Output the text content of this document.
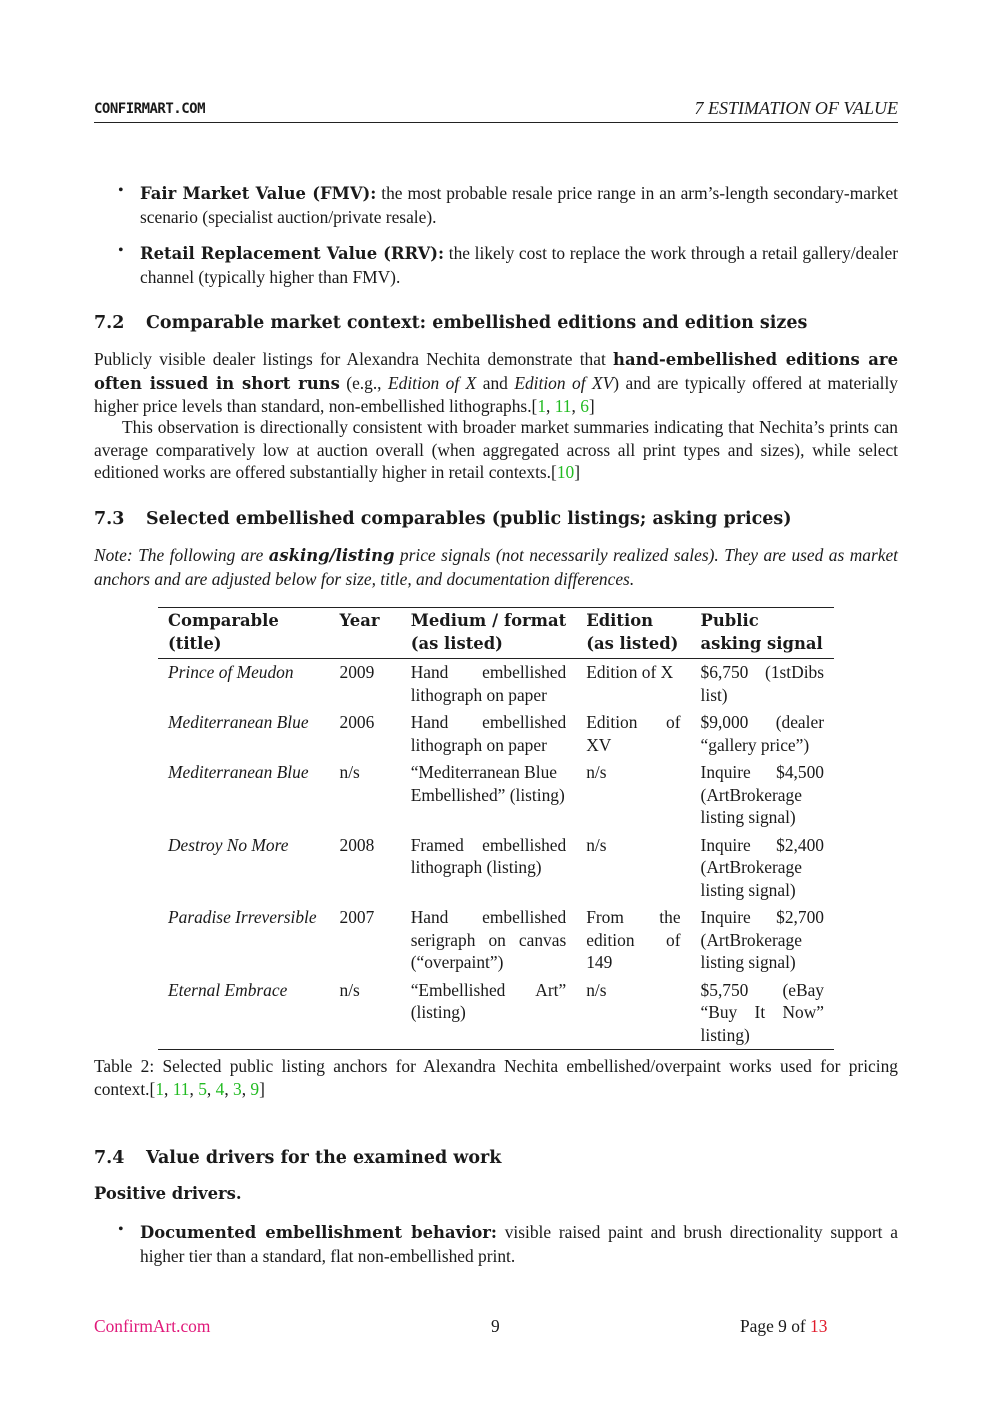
CONFIRMART.COM	7 ESTIMATION OF VALUE
• Fair Market Value (FMV): the most probable resale price range in an arm’s-length secondary-market scenario (specialist auction/private resale).
• Retail Replacement Value (RRV): the likely cost to replace the work through a retail gallery/dealer channel (typically higher than FMV).
7.2 Comparable market context: embellished editions and edition sizes
Publicly visible dealer listings for Alexandra Nechita demonstrate that hand-embellished editions are often issued in short runs (e.g., Edition of X and Edition of XV) and are typically offered at materially higher price levels than standard, non-embellished lithographs.[1, 11, 6]
This observation is directionally consistent with broader market summaries indicating that Nechita’s prints can average comparatively low at auction overall (when aggregated across all print types and sizes), while select editioned works are offered substantially higher in retail contexts.[10]
7.3 Selected embellished comparables (public listings; asking prices)
Note: The following are asking/listing price signals (not necessarily realized sales). They are used as market anchors and are adjusted below for size, title, and documentation differences.
Comparable (title)	Year	Medium / format (as listed)	Edition (as listed)	Public asking signal
Prince of Meudon	2009	Hand embellished lithograph on paper	Edition of X	$6,750 (1stDibs list)
Mediterranean Blue	2006	Hand embellished lithograph on paper	Edition of XV	$9,000 (dealer “gallery price”)
Mediterranean Blue	n/s	“Mediterranean Blue Embellished” (listing)	n/s	Inquire $4,500 (ArtBrokerage listing signal)
Destroy No More	2008	Framed embellished lithograph (listing)	n/s	Inquire $2,400 (ArtBrokerage listing signal)
Paradise Irreversible	2007	Hand embellished serigraph on canvas (“overpaint”)	From the edition of 149	Inquire $2,700 (ArtBrokerage listing signal)
Eternal Embrace	n/s	“Embellished Art” (listing)	n/s	$5,750 (eBay “Buy It Now” listing)
Table 2: Selected public listing anchors for Alexandra Nechita embellished/overpaint works used for pricing context.[1, 11, 5, 4, 3, 9]
7.4 Value drivers for the examined work
Positive drivers.
• Documented embellishment behavior: visible raised paint and brush directionality support a higher tier than a standard, flat non-embellished print.
ConfirmArt.com	9	Page 9 of 13
